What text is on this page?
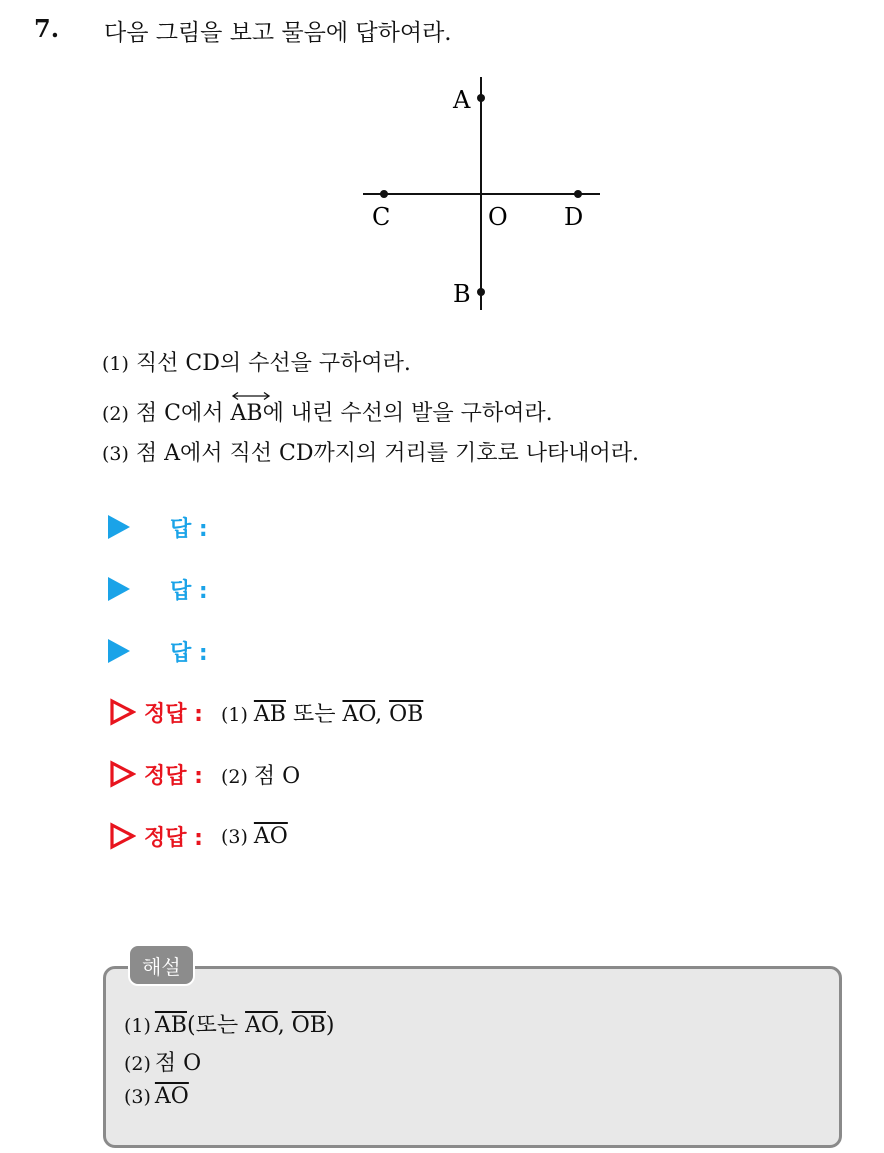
7. 다음 그림을 보고 물음에 답하여라.
A
B
C	O D
(1) 직선 CD의 수선을 구하여라.
(2) 점 C에서 AB에 내린 수선의 발을 구하여라.
(3) 점 A에서 직선 CD까지의 거리를 기호로 나타내어라.
답 :
답 :
답 :
정답 : (1) $\overline{AB}$ 또는 $\overline{AO}$, $\overline{OB}$
정답 : (2) 점 O
정답 : (3) $\overline{AO}$
해설
(1) $\overline{AB}$(또는 $\overline{AO}$, $\overline{OB}$)
(2) 점 O
(3) $\overline{AO}$
